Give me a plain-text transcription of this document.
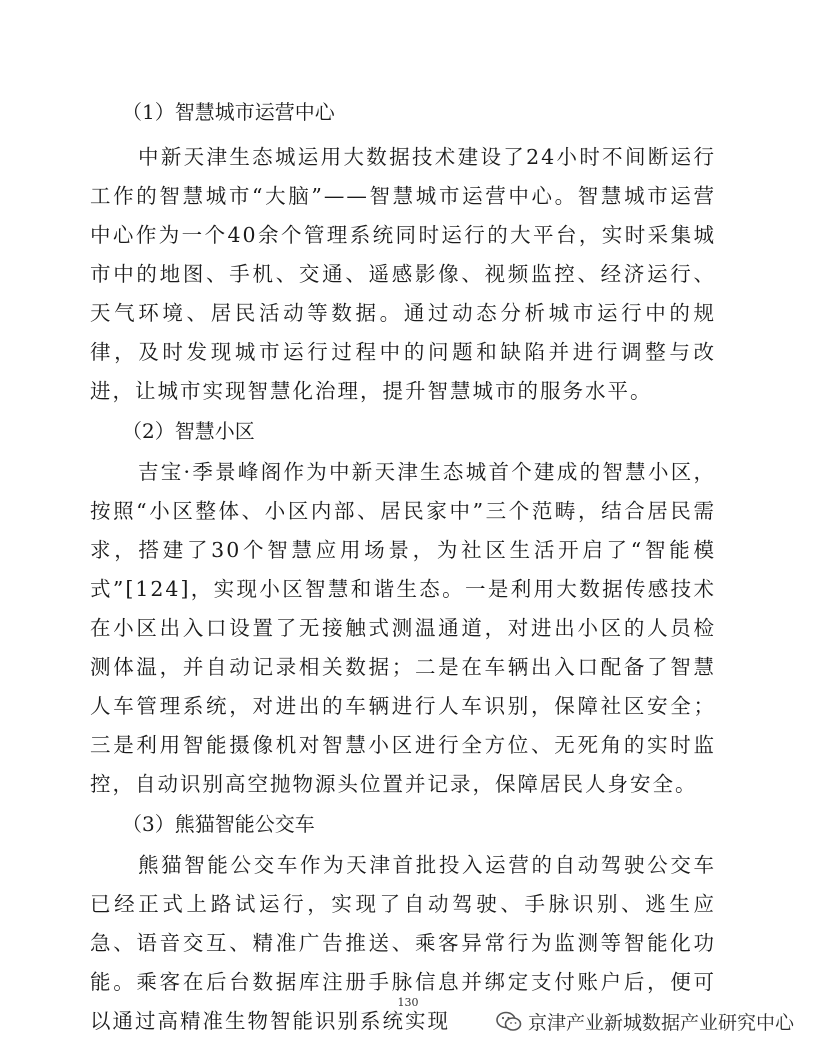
（1）智慧城市运营中心

中新天津生态城运用大数据技术建设了24小时不间断运行工作的智慧城市“大脑”——智慧城市运营中心。智慧城市运营中心作为一个40余个管理系统同时运行的大平台，实时采集城市中的地图、手机、交通、遥感影像、视频监控、经济运行、天气环境、居民活动等数据。通过动态分析城市运行中的规律，及时发现城市运行过程中的问题和缺陷并进行调整与改进，让城市实现智慧化治理，提升智慧城市的服务水平。

（2）智慧小区

吉宝·季景峰阁作为中新天津生态城首个建成的智慧小区，按照“小区整体、小区内部、居民家中”三个范畴，结合居民需求，搭建了30个智慧应用场景，为社区生活开启了“智能模式”[124]，实现小区智慧和谐生态。一是利用大数据传感技术在小区出入口设置了无接触式测温通道，对进出小区的人员检测体温，并自动记录相关数据；二是在车辆出入口配备了智慧人车管理系统，对进出的车辆进行人车识别，保障社区安全；三是利用智能摄像机对智慧小区进行全方位、无死角的实时监控，自动识别高空抛物源头位置并记录，保障居民人身安全。

（3）熊猫智能公交车

熊猫智能公交车作为天津首批投入运营的自动驾驶公交车已经正式上路试运行，实现了自动驾驶、手脉识别、逃生应急、语音交互、精准广告推送、乘客异常行为监测等智能化功能。乘客在后台数据库注册手脉信息并绑定支付账户后，便可以通过高精准生物智能识别系统实现

130
京津产业新城数据产业研究中心
